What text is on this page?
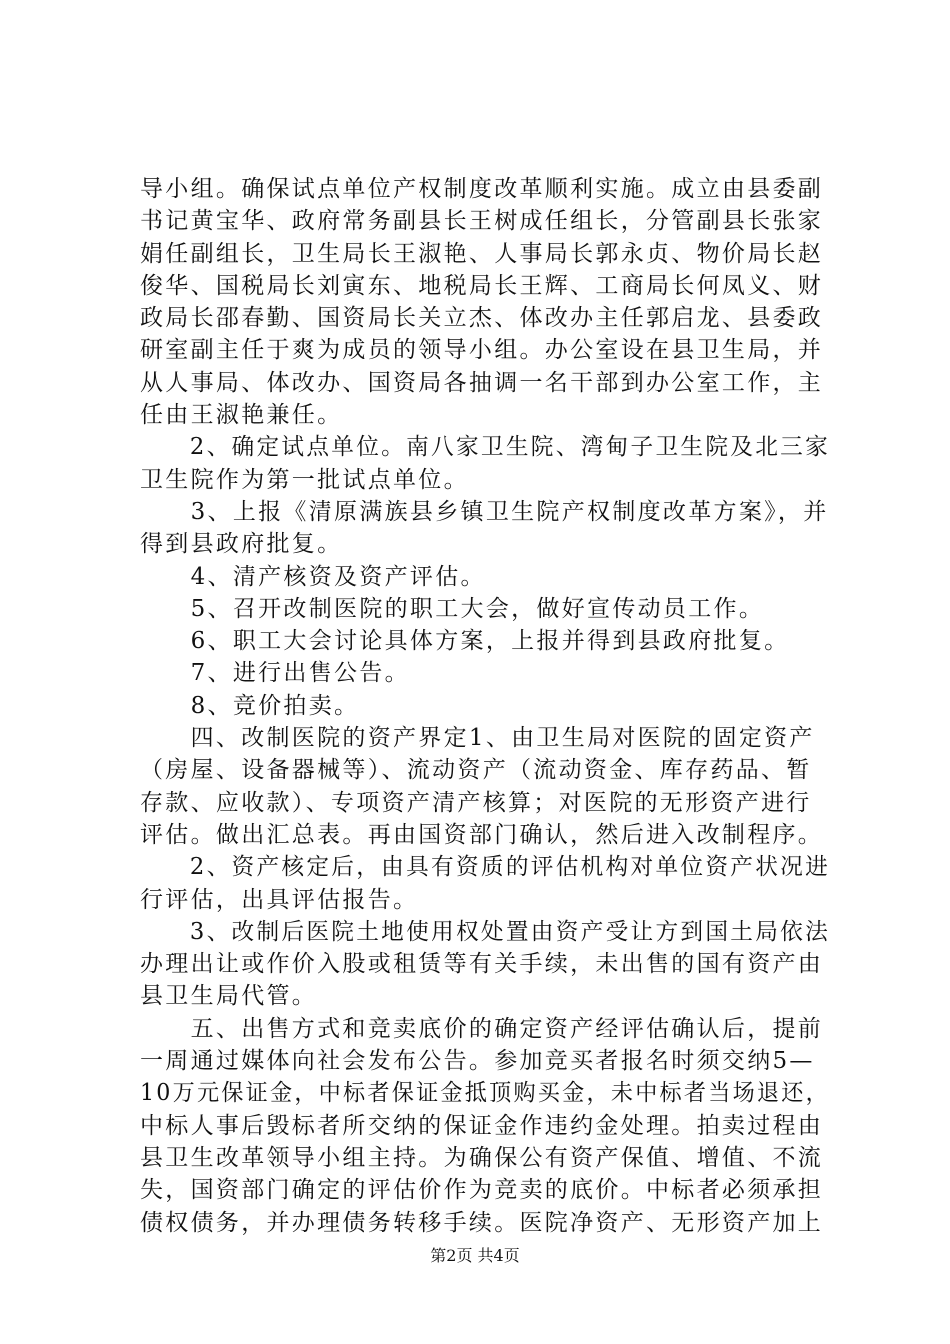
导小组。确保试点单位产权制度改革顺利实施。成立由县委副
书记黄宝华、政府常务副县长王树成任组长，分管副县长张家
娟任副组长，卫生局长王淑艳、人事局长郭永贞、物价局长赵
俊华、国税局长刘寅东、地税局长王辉、工商局长何凤义、财
政局长邵春勤、国资局长关立杰、体改办主任郭启龙、县委政
研室副主任于爽为成员的领导小组。办公室设在县卫生局，并
从人事局、体改办、国资局各抽调一名干部到办公室工作，主
任由王淑艳兼任。
　　2、确定试点单位。南八家卫生院、湾甸子卫生院及北三家
卫生院作为第一批试点单位。
　　3、上报《清原满族县乡镇卫生院产权制度改革方案》，并
得到县政府批复。
　　4、清产核资及资产评估。
　　5、召开改制医院的职工大会，做好宣传动员工作。
　　6、职工大会讨论具体方案，上报并得到县政府批复。
　　7、进行出售公告。
　　8、竞价拍卖。
　　四、改制医院的资产界定1、由卫生局对医院的固定资产
（房屋、设备器械等）、流动资产（流动资金、库存药品、暂
存款、应收款）、专项资产清产核算；对医院的无形资产进行
评估。做出汇总表。再由国资部门确认，然后进入改制程序。
　　2、资产核定后，由具有资质的评估机构对单位资产状况进
行评估，出具评估报告。
　　3、改制后医院土地使用权处置由资产受让方到国土局依法
办理出让或作价入股或租赁等有关手续，未出售的国有资产由
县卫生局代管。
　　五、出售方式和竞卖底价的确定资产经评估确认后，提前
一周通过媒体向社会发布公告。参加竞买者报名时须交纳5—
10万元保证金，中标者保证金抵顶购买金，未中标者当场退还，
中标人事后毁标者所交纳的保证金作违约金处理。拍卖过程由
县卫生改革领导小组主持。为确保公有资产保值、增值、不流
失，国资部门确定的评估价作为竞卖的底价。中标者必须承担
债权债务，并办理债务转移手续。医院净资产、无形资产加上
第2页 共4页
